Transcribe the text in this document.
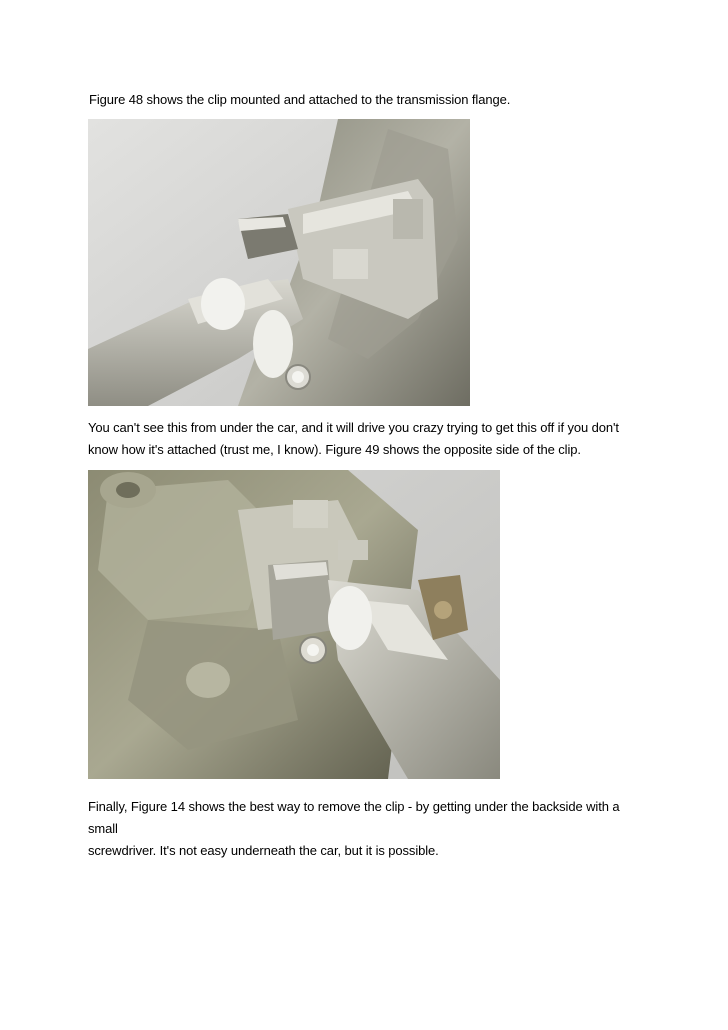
Figure 48 shows the clip mounted and attached to the transmission flange.

You can't see this from under the car, and it will drive you crazy trying to get this off if you don't
know how it's attached (trust me, I know). Figure 49 shows the opposite side of the clip.

Finally, Figure 14 shows the best way to remove the clip - by getting under the backside with a small
screwdriver. It's not easy underneath the car, but it is possible.
